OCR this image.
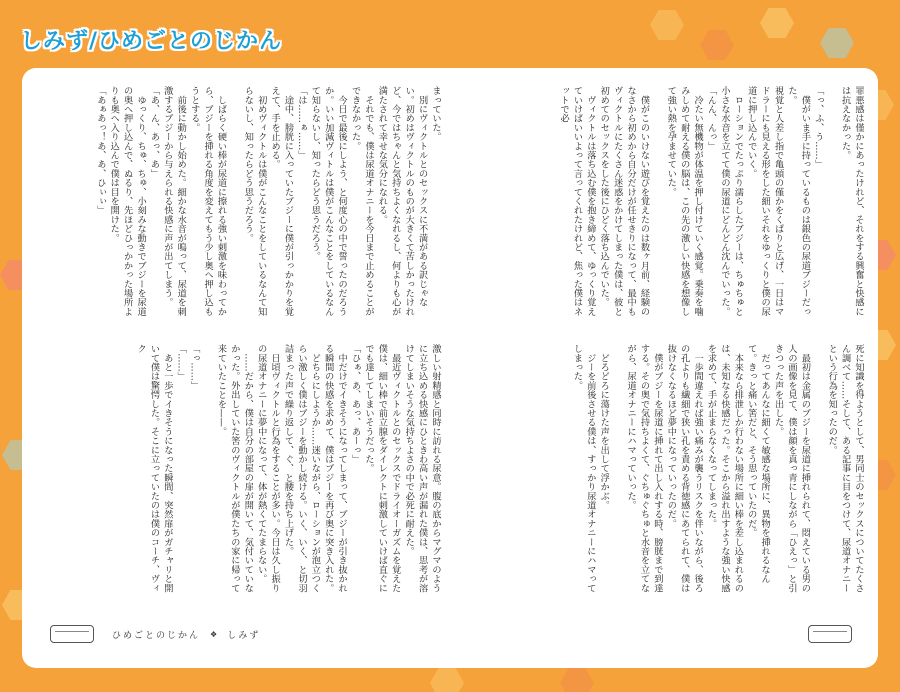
しみず/ひめごとのじかん
罪悪感は僅かにあったけれど、それをする興奮と快感には抗えなかった。

「っ、ふ、う……」
　僕がいま手に持っているものは銀色の尿道ブジーだった。
視覚と人差し指で亀頭の僅かをくぱりと広げ、一日はマドラーにも見える形をした細いそれをゆっくりと僕の尿道に押し込んでいく。
　ローションでたっぷり濡らしたブジーは、ちゅちゅと小さな水音を立てて僕の尿道にどんどん沈んでいった。
「んん、んっ」
　冷たい無機物が体温を押し付けていく感覚。乗奏を噛みしめて耐える僕の脳は、この先の激しい快感を想像して強い熱を孕ませていた。

　僕がこのいけない遊びを覚えたのは数ヶ月前、経験のなさから初めから自分だけが任せきりになって、最中もヴィクトルにたくさん迷惑をかけてしまった僕は、彼と初めてのセックスをした後にひどく落ち込んでいた。
　ヴィクトルは落ち込む僕を抱き締めて、ゆっくり覚えていけばいいよって言ってくれたけれど、焦った僕はネットで必
死に知識を得ようとして、男同士のセックスについてたくさん調べて……そして、ある記事に目をつけて、尿道オナニーという行為を知ったのだ。

　最初は金属のブジーを尿道に挿れられて、悶えている男の人の画像を見て、僕は顔を真っ青にしながら「ひえっ」と引きつった声を出した。
　だってあんなに細くて敏感な場所に、異物を挿れるなんて。きっと痛い筈だと、そう思っていたのだ。
　本来なら排泄しか行わない場所に細い棒を差し込まれるのは、未知なる快感だった。そこから溢れ出すような強い快感を求めて、手が止まらなくなってしまった。
　一歩間違えれば強い痛みが襲うリスクを伴いながら、後ろの孔よりも繊細で狭い孔を責める背徳感にあてられて、僕は抜けなくなるほど夢中になっていったのだ。
　僕がブジーを尿道に挿れて出し入れする時、膀胱まで到達する。その奥で気持ちよくて、ぐちゅぐちゅと水音を立てながら、尿道オナニーにハマっていった。

　どろどろに蕩けた声を出して浮かぶ。
　ジーを前後させる僕は、すっかり尿道オナニーにハマってしまった。
まっていた。
　別にヴィクトルとのセックスに不満がある訳じゃない。初めはヴィクトルのものが大きくて苦しかったけれど、今ではちゃんと気持ちよくなれるし、何よりも心が満たされて幸せな気分になれる。
　それでも、僕は尿道オナニーを今日まで止めることができなかった。
　今日で最後にしよう、と何度心の中で誓ったのだろうか。いい加減ヴィトルは僕がこんなことをしているなんて知らないし、知ったらどう思うだろう。
「は……ぁ……」
　途中、膀胱に入っていたブジーに僕が引っかかりを覚えて、手を止める。
　初めヴィクトルは僕がこんなことをしているなんて知らないし、知ったらどう思うだろう。

　しばらく硬い棒が尿道に擦れる強い刺激を味わってから、ブジーを挿れる角度を変えてもう少し奥へ押し込もうとする。
　前後に動かし始めた。細かな水音が鳴って、尿道を刺激するブジーから与えられる快感に声が出てしまう。
「あ、ん、あっ、あ」
　ゆっくり、ちゅ、ちゅ、小刻みな動きでブジーを尿道の奥へ押し込んで、ぬるり、先ほどひっかかった場所よりも奥へ入り込んで僕は目を開けた。
「あぁあっ！あ、あ、ひぃぃ」
激しい射精感と同時に訪れる尿意。腹の底からマグマのように立ち込める快感にひときわ高い声が漏れた僕は、思考が溶けてしまいそうな気持ちよさの中で必死に耐えた。
　最近ヴィクトルとのセックスでドライオーガズムを覚えた僕は、細い棒で前立腺をダイレクトに刺激していけば直ぐにでも達してしまいそうだった。
「ひぁ、あ、あっ、あーっ」
　中だけでイきそうになってしまって、ブジーが引き抜かれる瞬間の快感を求めて、僕はブジーを再び奥に突き入れた。
　どちらにしようか……迷いながら、ローションが泡立つくらい激しく僕はブジーを動かし続ける。いく、いく、と切羽詰まった声で繰り返して、ぐ、と腰を持ち上げた。
　日頃ヴィクトルと行為をすることが多い。今日は久し振りの尿道オナニーに夢中になって、体が熱くてたまらない。
　……だから、僕は自分の部屋の扉が開いて、気付いていなかった。外出していた筈のヴィクトルが僕たちの家に帰って来ていたことを——。

「っ……」
「……」
　あと一歩でイきそうになった瞬間、突然扉がガチャリと開いて僕は驚愕した。そこに立っていたのは僕のコーチ、ヴィク
ひめごとのじかん ❖ しみず
